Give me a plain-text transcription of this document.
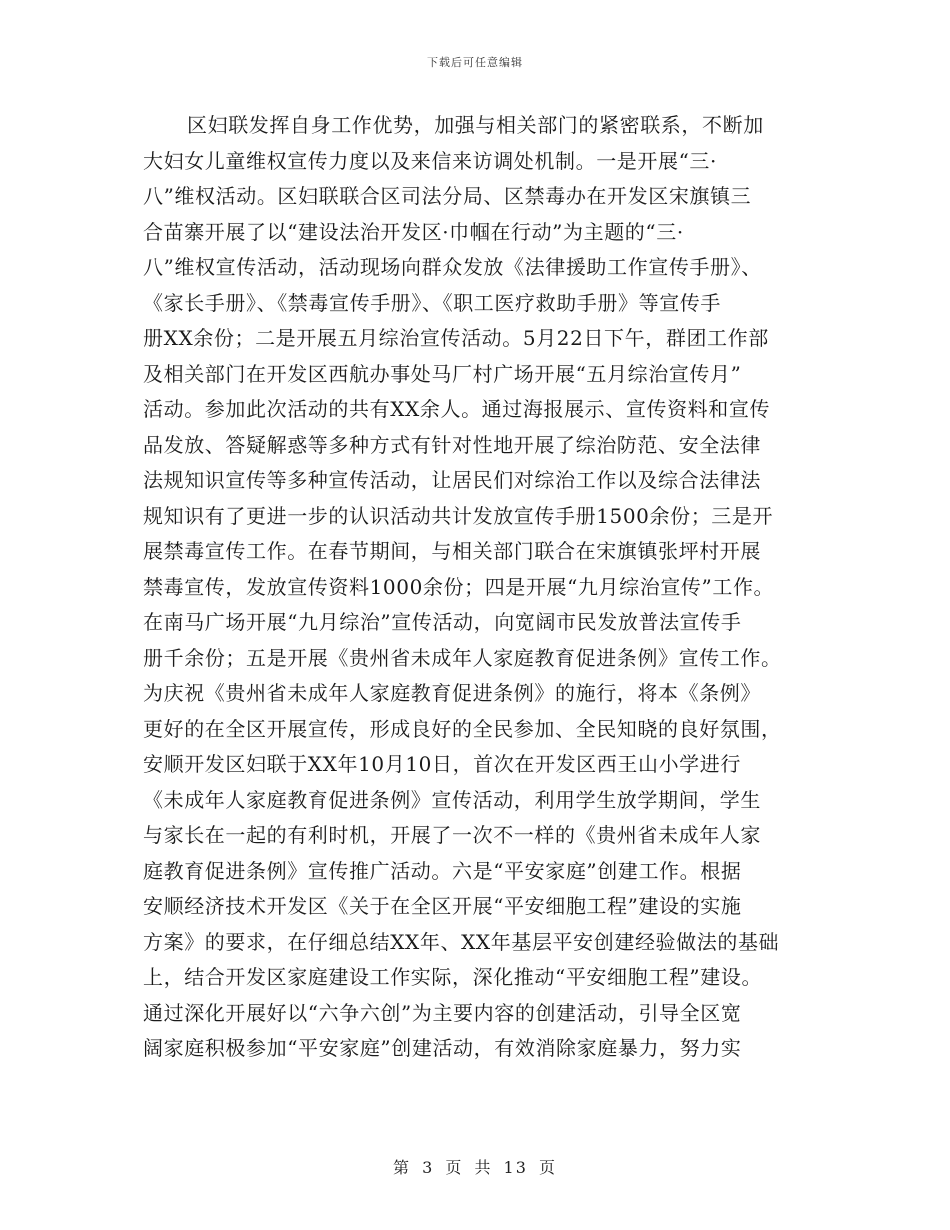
下载后可任意编辑
区妇联发挥自身工作优势，加强与相关部门的紧密联系，不断加
大妇女儿童维权宣传力度以及来信来访调处机制。一是开展“三·
八”维权活动。区妇联联合区司法分局、区禁毒办在开发区宋旗镇三
合苗寨开展了以“建设法治开发区·巾帼在行动”为主题的“三·
八”维权宣传活动，活动现场向群众发放《法律援助工作宣传手册》、
《家长手册》、《禁毒宣传手册》、《职工医疗救助手册》等宣传手
册XX余份；二是开展五月综治宣传活动。5月22日下午，群团工作部
及相关部门在开发区西航办事处马厂村广场开展“五月综治宣传月”
活动。参加此次活动的共有XX余人。通过海报展示、宣传资料和宣传
品发放、答疑解惑等多种方式有针对性地开展了综治防范、安全法律
法规知识宣传等多种宣传活动，让居民们对综治工作以及综合法律法
规知识有了更进一步的认识活动共计发放宣传手册1500余份；三是开
展禁毒宣传工作。在春节期间，与相关部门联合在宋旗镇张坪村开展
禁毒宣传，发放宣传资料1000余份；四是开展“九月综治宣传”工作。
在南马广场开展“九月综治”宣传活动，向宽阔市民发放普法宣传手
册千余份；五是开展《贵州省未成年人家庭教育促进条例》宣传工作。
为庆祝《贵州省未成年人家庭教育促进条例》的施行，将本《条例》
更好的在全区开展宣传，形成良好的全民参加、全民知晓的良好氛围，
安顺开发区妇联于XX年10月10日，首次在开发区西王山小学进行
《未成年人家庭教育促进条例》宣传活动，利用学生放学期间，学生
与家长在一起的有利时机，开展了一次不一样的《贵州省未成年人家
庭教育促进条例》宣传推广活动。六是“平安家庭”创建工作。根据
安顺经济技术开发区《关于在全区开展“平安细胞工程”建设的实施
方案》的要求，在仔细总结XX年、XX年基层平安创建经验做法的基础
上，结合开发区家庭建设工作实际，深化推动“平安细胞工程”建设。
通过深化开展好以“六争六创”为主要内容的创建活动，引导全区宽
阔家庭积极参加“平安家庭”创建活动，有效消除家庭暴力，努力实
第 3 页 共 13 页
